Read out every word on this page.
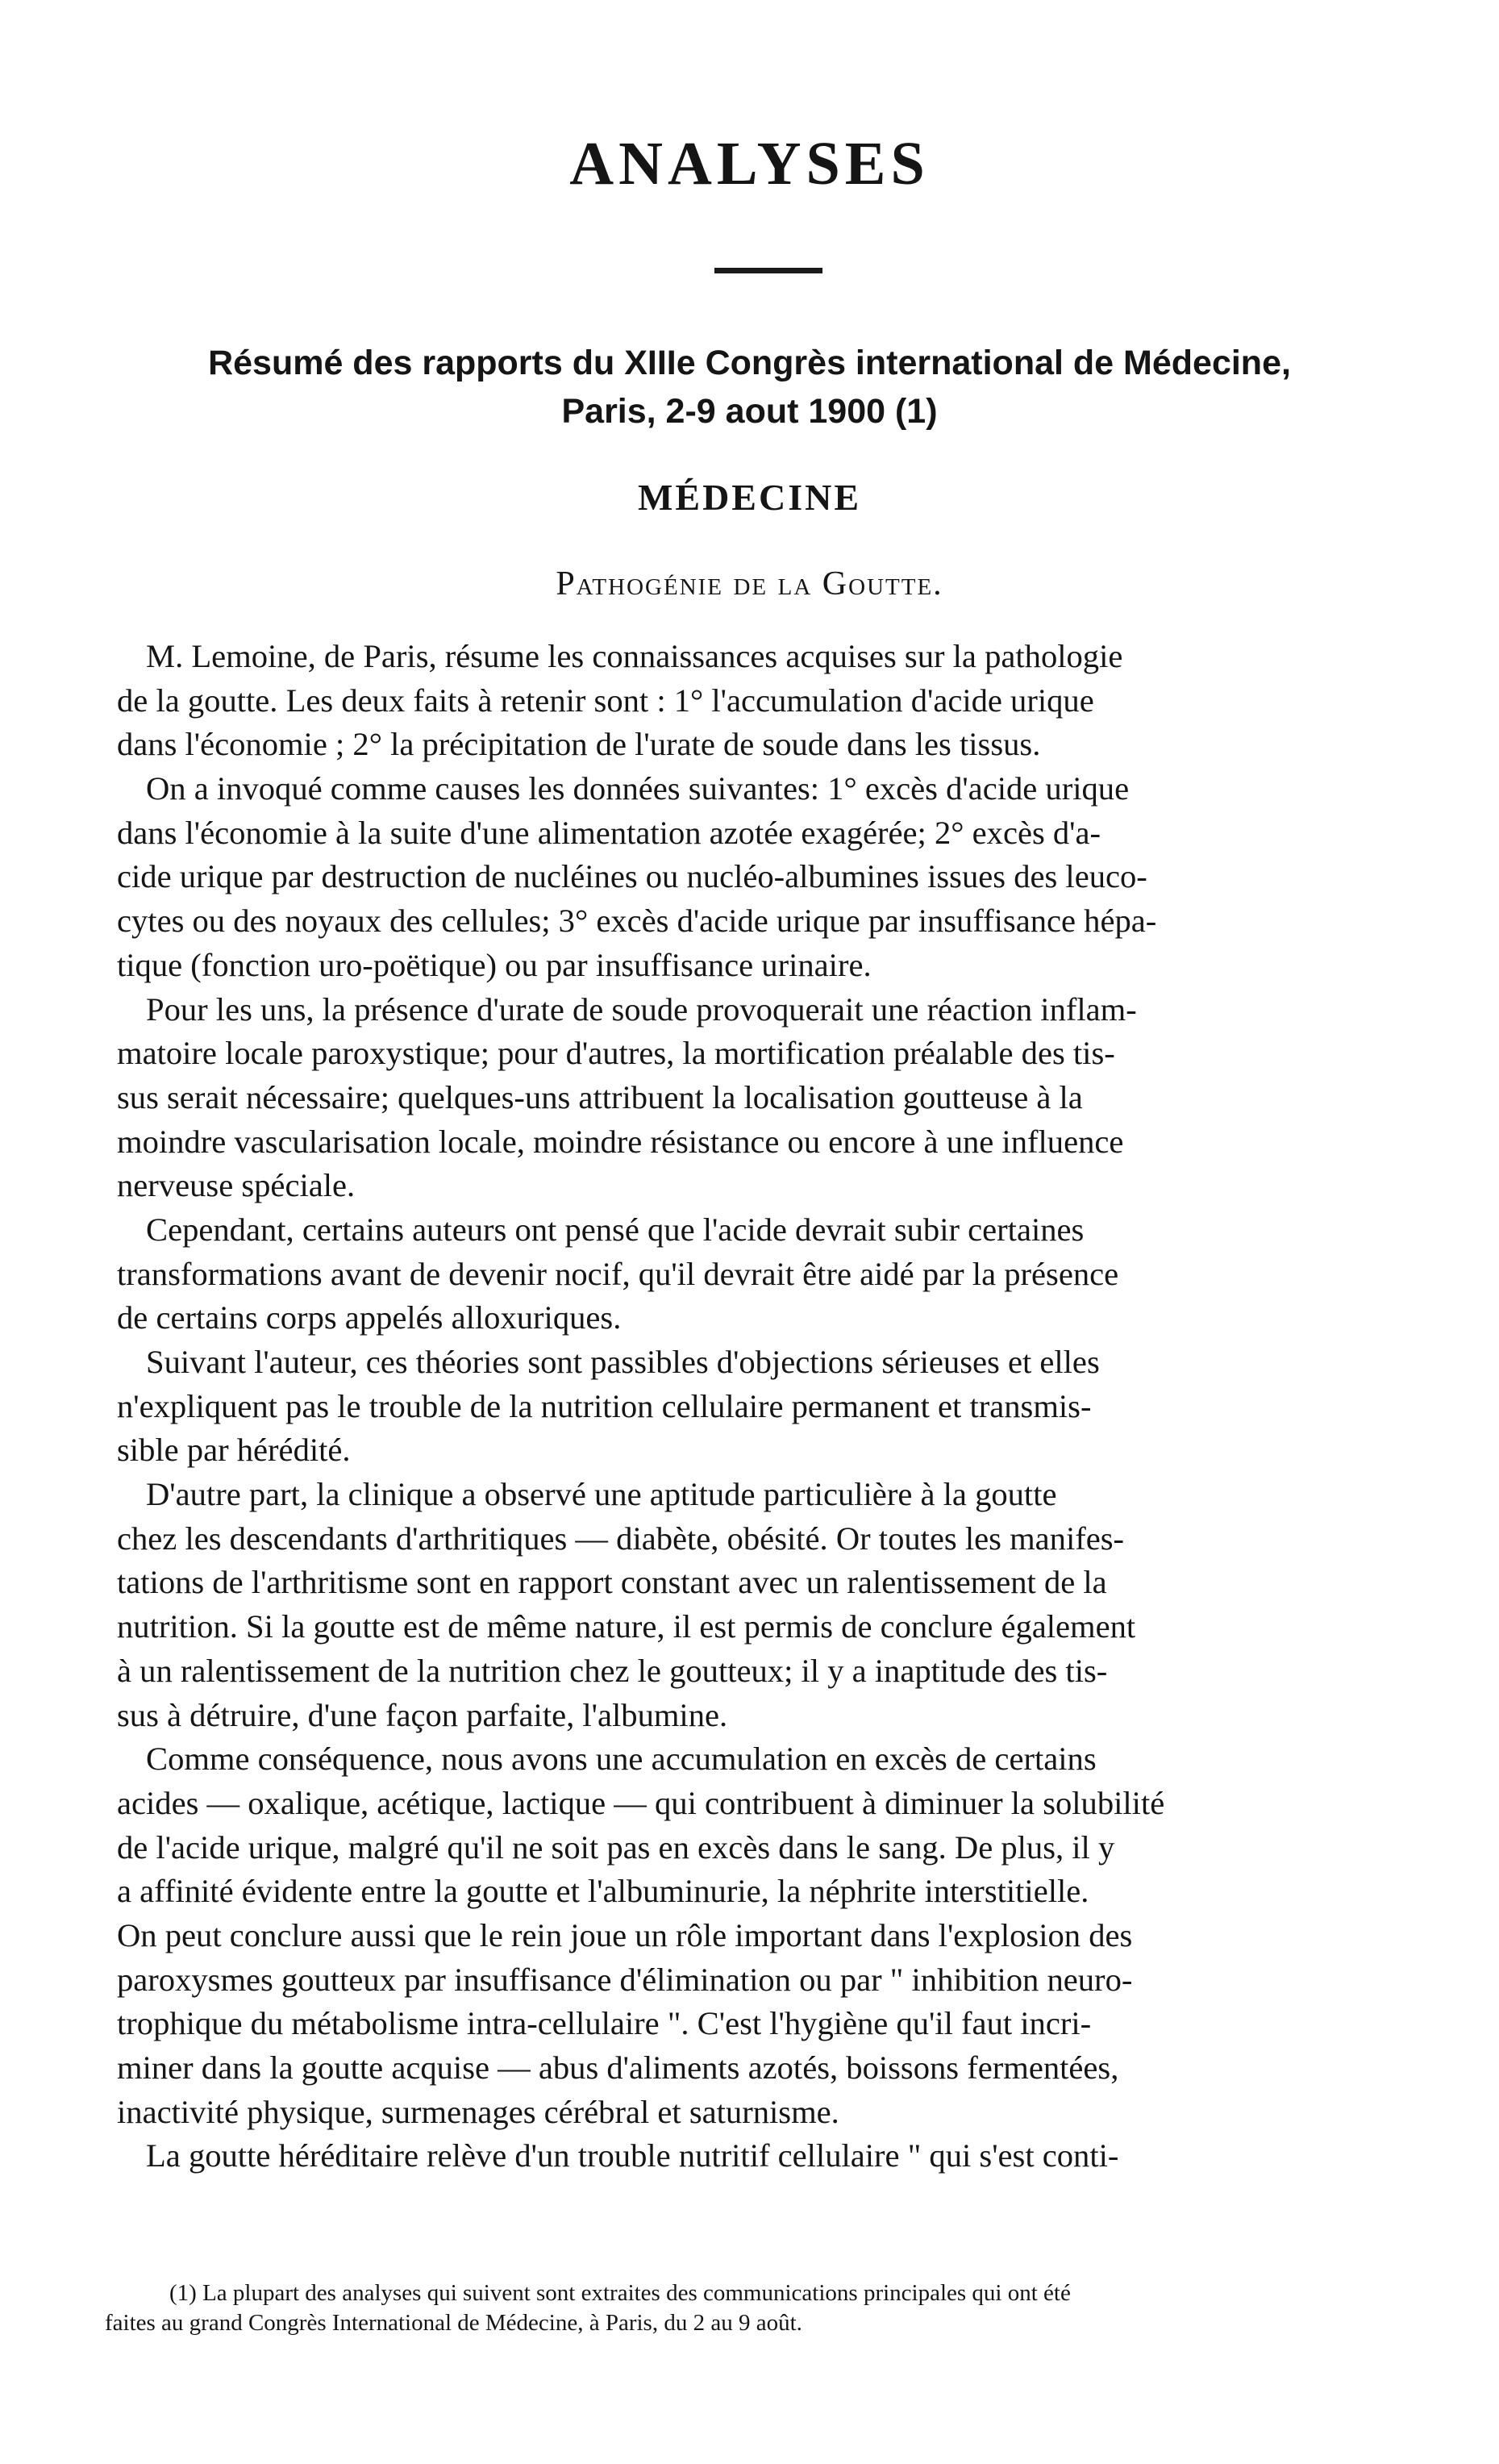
ANALYSES
Résumé des rapports du XIIIe Congrès international de Médecine,
Paris, 2-9 aout 1900 (1)
MÉDECINE
Pathogénie de la Goutte.
M. Lemoine, de Paris, résume les connaissances acquises sur la pathologie
de la goutte. Les deux faits à retenir sont : 1° l'accumulation d'acide urique
dans l'économie ; 2° la précipitation de l'urate de soude dans les tissus.
On a invoqué comme causes les données suivantes: 1° excès d'acide urique
dans l'économie à la suite d'une alimentation azotée exagérée; 2° excès d'a-
cide urique par destruction de nucléines ou nucléo-albumines issues des leuco-
cytes ou des noyaux des cellules; 3° excès d'acide urique par insuffisance hépa-
tique (fonction uro-poëtique) ou par insuffisance urinaire.
Pour les uns, la présence d'urate de soude provoquerait une réaction inflam-
matoire locale paroxystique; pour d'autres, la mortification préalable des tis-
sus serait nécessaire; quelques-uns attribuent la localisation goutteuse à la
moindre vascularisation locale, moindre résistance ou encore à une influence
nerveuse spéciale.
Cependant, certains auteurs ont pensé que l'acide devrait subir certaines
transformations avant de devenir nocif, qu'il devrait être aidé par la présence
de certains corps appelés alloxuriques.
Suivant l'auteur, ces théories sont passibles d'objections sérieuses et elles
n'expliquent pas le trouble de la nutrition cellulaire permanent et transmis-
sible par hérédité.
D'autre part, la clinique a observé une aptitude particulière à la goutte
chez les descendants d'arthritiques — diabète, obésité. Or toutes les manifes-
tations de l'arthritisme sont en rapport constant avec un ralentissement de la
nutrition. Si la goutte est de même nature, il est permis de conclure également
à un ralentissement de la nutrition chez le goutteux; il y a inaptitude des tis-
sus à détruire, d'une façon parfaite, l'albumine.
Comme conséquence, nous avons une accumulation en excès de certains
acides — oxalique, acétique, lactique — qui contribuent à diminuer la solubilité
de l'acide urique, malgré qu'il ne soit pas en excès dans le sang. De plus, il y
a affinité évidente entre la goutte et l'albuminurie, la néphrite interstitielle.
On peut conclure aussi que le rein joue un rôle important dans l'explosion des
paroxysmes goutteux par insuffisance d'élimination ou par " inhibition neuro-
trophique du métabolisme intra-cellulaire ". C'est l'hygiène qu'il faut incri-
miner dans la goutte acquise — abus d'aliments azotés, boissons fermentées,
inactivité physique, surmenages cérébral et saturnisme.
La goutte héréditaire relève d'un trouble nutritif cellulaire " qui s'est conti-
(1) La plupart des analyses qui suivent sont extraites des communications principales qui ont été
faites au grand Congrès International de Médecine, à Paris, du 2 au 9 août.
